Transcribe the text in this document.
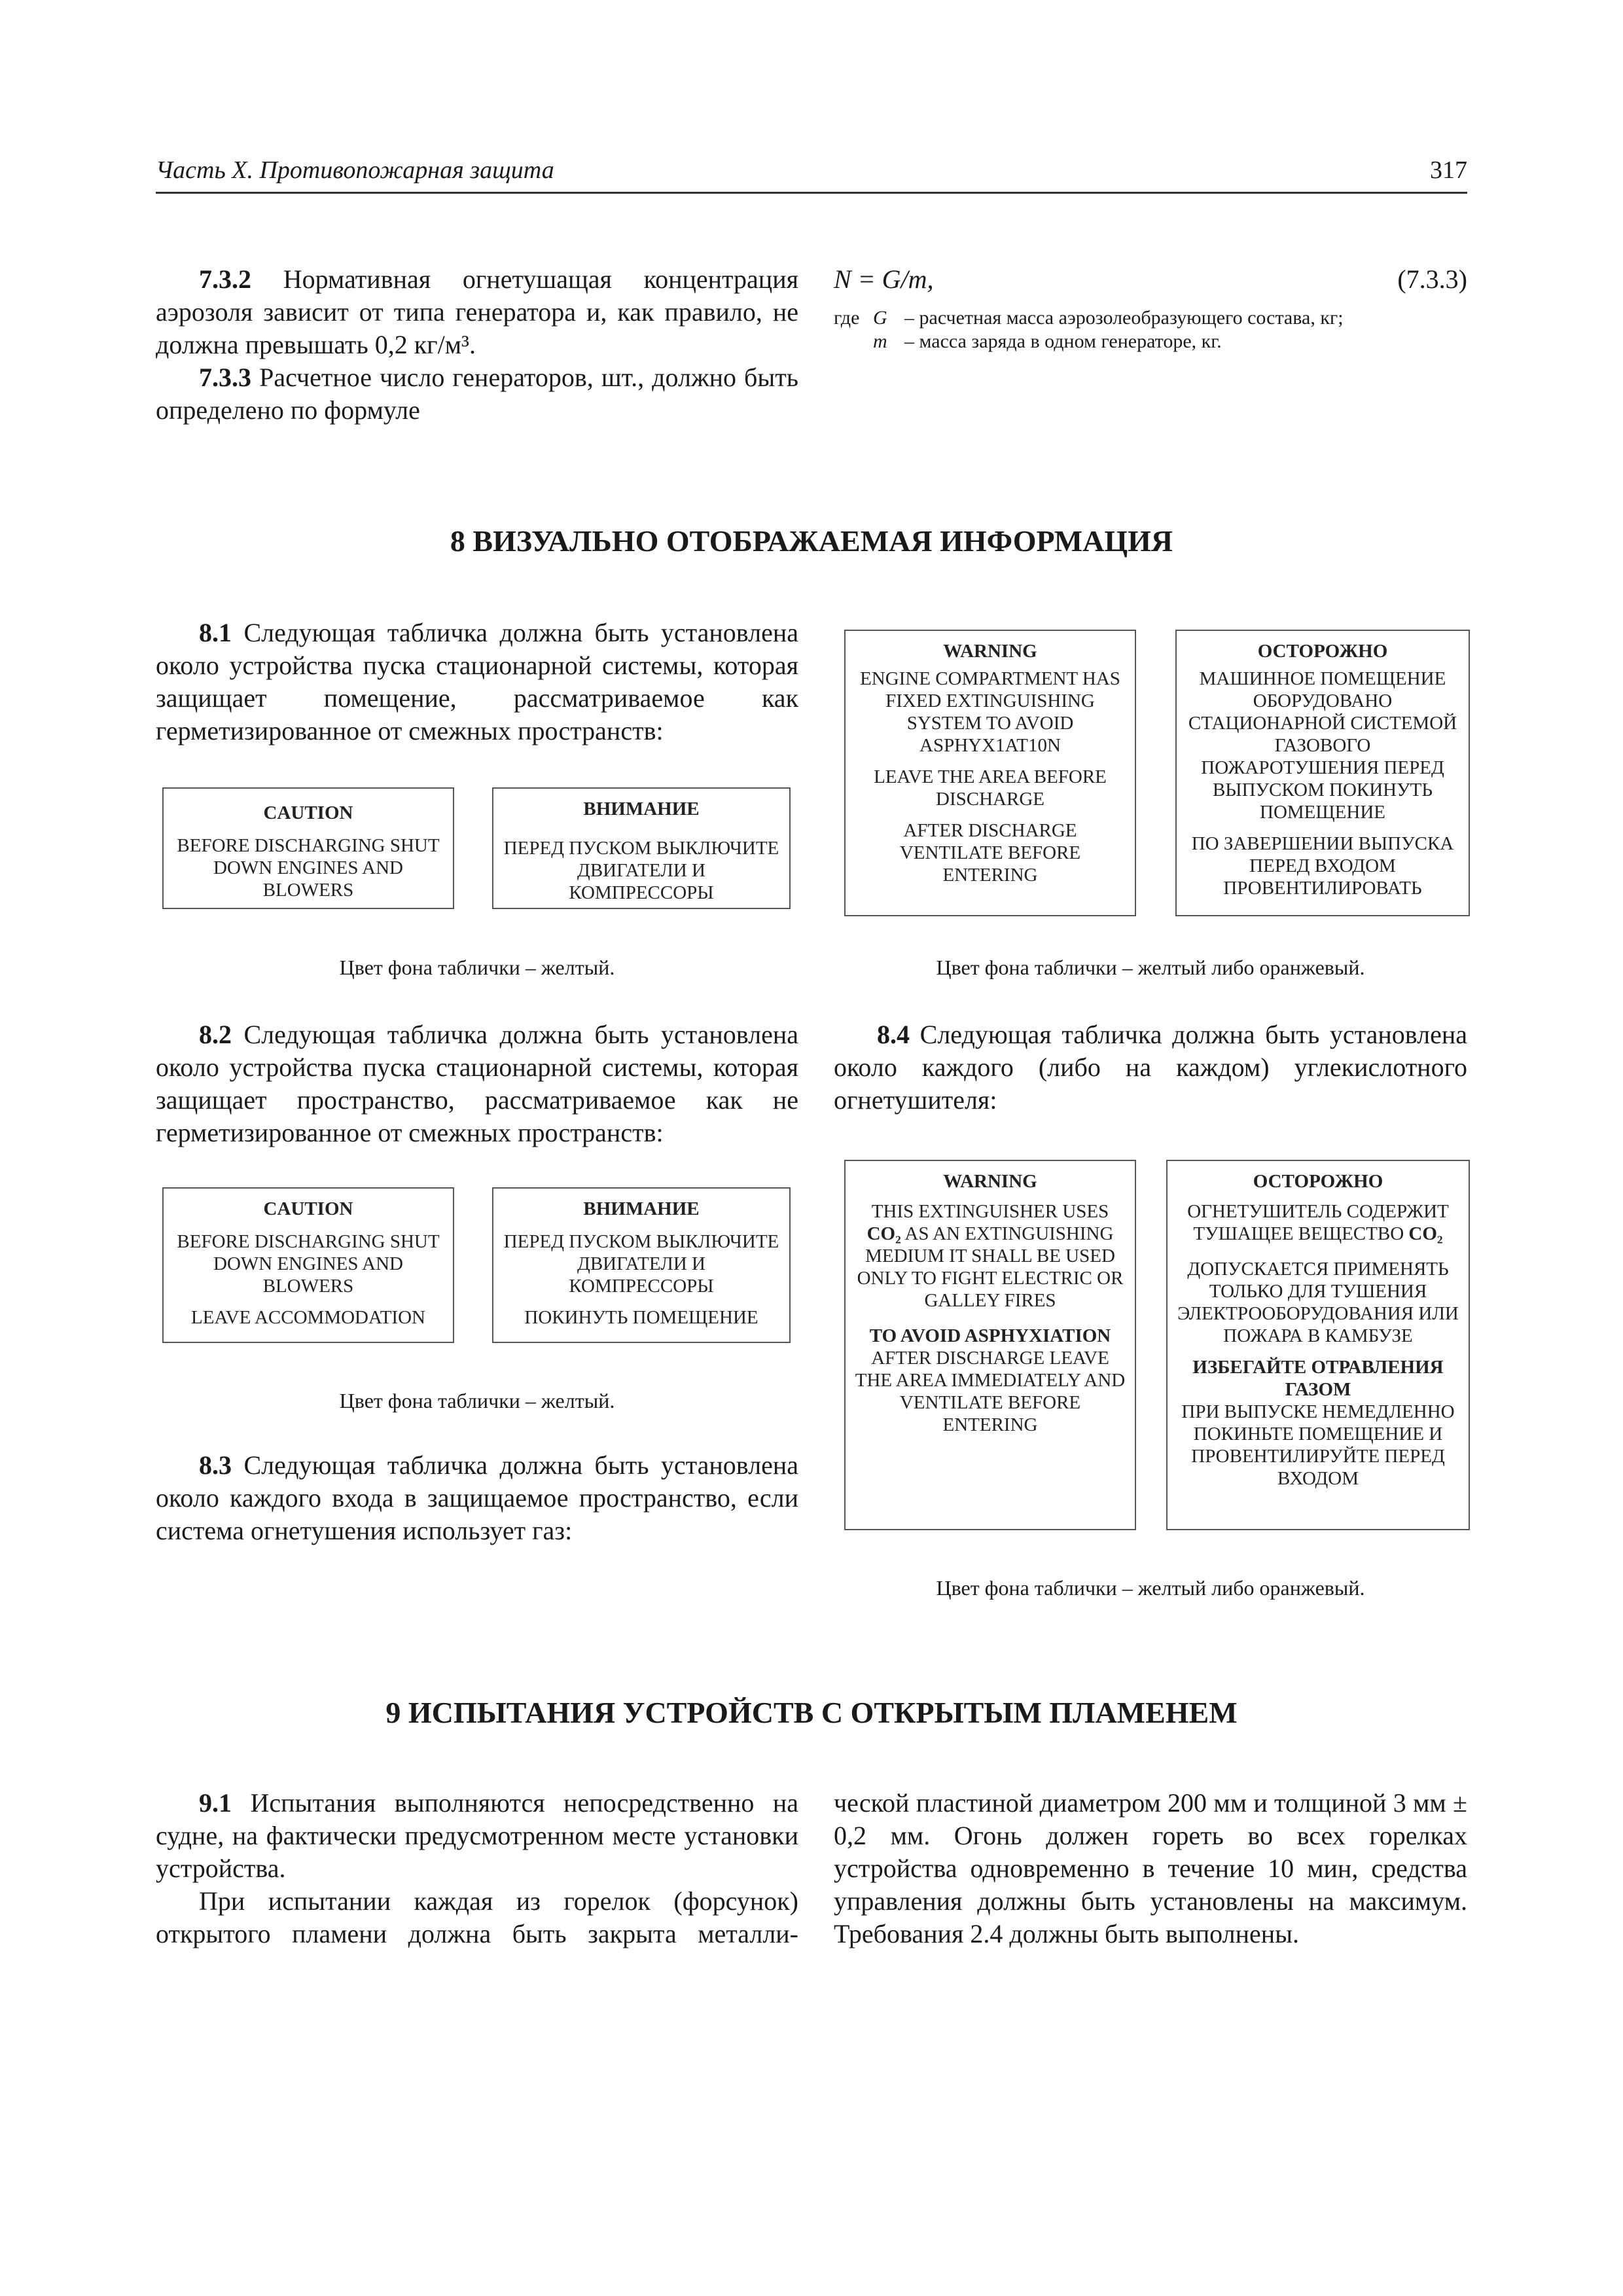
Часть X. Противопожарная защита	317

7.3.2 Нормативная огнетушащая концентрация аэрозоля зависит от типа генератора и, как правило, не должна превышать 0,2 кг/м³.

7.3.3 Расчетное число генераторов, шт., должно быть определено по формуле

N = G/m,	(7.3.3)
где G – расчетная масса аэрозолеобразующего состава, кг;
m – масса заряда в одном генераторе, кг.
8 ВИЗУАЛЬНО ОТОБРАЖАЕМАЯ ИНФОРМАЦИЯ

8.1 Следующая табличка должна быть установлена около устройства пуска стационарной системы, которая защищает помещение, рассматриваемое как герметизированное от смежных пространств:

CAUTION
BEFORE DISCHARGING SHUT DOWN ENGINES AND BLOWERS
ВНИМАНИЕ
ПЕРЕД ПУСКОМ ВЫКЛЮЧИТЕ ДВИГАТЕЛИ И КОМПРЕССОРЫ
Цвет фона таблички – желтый.
WARNING
ENGINE COMPARTMENT HAS FIXED EXTINGUISHING SYSTEM TO AVOID ASPHYX1AT10N
LEAVE THE AREA BEFORE DISCHARGE
AFTER DISCHARGE VENTILATE BEFORE ENTERING
ОСТОРОЖНО
МАШИННОЕ ПОМЕЩЕНИЕ ОБОРУДОВАНО СТАЦИОНАРНОЙ СИСТЕМОЙ ГАЗОВОГО ПОЖАРОТУШЕНИЯ ПЕРЕД ВЫПУСКОМ ПОКИНУТЬ ПОМЕЩЕНИЕ
ПО ЗАВЕРШЕНИИ ВЫПУСКА ПЕРЕД ВХОДОМ ПРОВЕНТИЛИРОВАТЬ
Цвет фона таблички – желтый либо оранжевый.

8.2 Следующая табличка должна быть установлена около устройства пуска стационарной системы, которая защищает пространство, рассматриваемое как не герметизированное от смежных пространств:

8.4 Следующая табличка должна быть установлена около каждого (либо на каждом) углекислотного огнетушителя:

CAUTION
BEFORE DISCHARGING SHUT DOWN ENGINES AND BLOWERS
LEAVE ACCOMMODATION
ВНИМАНИЕ
ПЕРЕД ПУСКОМ ВЫКЛЮЧИТЕ ДВИГАТЕЛИ И КОМПРЕССОРЫ
ПОКИНУТЬ ПОМЕЩЕНИЕ
Цвет фона таблички – желтый.
WARNING
THIS EXTINGUISHER USES
CO₂ AS AN EXTINGUISHING MEDIUM IT SHALL BE USED ONLY TO FIGHT ELECTRIC OR GALLEY FIRES
TO AVOID ASPHYXIATION
AFTER DISCHARGE LEAVE THE AREA IMMEDIATELY AND VENTILATE BEFORE ENTERING
ОСТОРОЖНО
ОГНЕТУШИТЕЛЬ СОДЕРЖИТ ТУШАЩЕЕ ВЕЩЕСТВО CO₂
ДОПУСКАЕТСЯ ПРИМЕНЯТЬ ТОЛЬКО ДЛЯ ТУШЕНИЯ ЭЛЕКТРООБОРУДОВАНИЯ ИЛИ ПОЖАРА В КАМБУЗЕ
ИЗБЕГАЙТЕ ОТРАВЛЕНИЯ ГАЗОМ
ПРИ ВЫПУСКЕ НЕМЕДЛЕННО ПОКИНЬТЕ ПОМЕЩЕНИЕ И ПРОВЕНТИЛИРУЙТЕ ПЕРЕД ВХОДОМ
Цвет фона таблички – желтый либо оранжевый.

8.3 Следующая табличка должна быть установлена около каждого входа в защищаемое пространство, если система огнетушения использует газ:

9 ИСПЫТАНИЯ УСТРОЙСТВ С ОТКРЫТЫМ ПЛАМЕНЕМ

9.1 Испытания выполняются непосредственно на судне, на фактически предусмотренном месте установки устройства.

При испытании каждая из горелок (форсунок) открытого пламени должна быть закрыта металли-

ческой пластиной диаметром 200 мм и толщиной 3 мм ± 0,2 мм. Огонь должен гореть во всех горелках устройства одновременно в течение 10 мин, средства управления должны быть установлены на максимум. Требования 2.4 должны быть выполнены.
